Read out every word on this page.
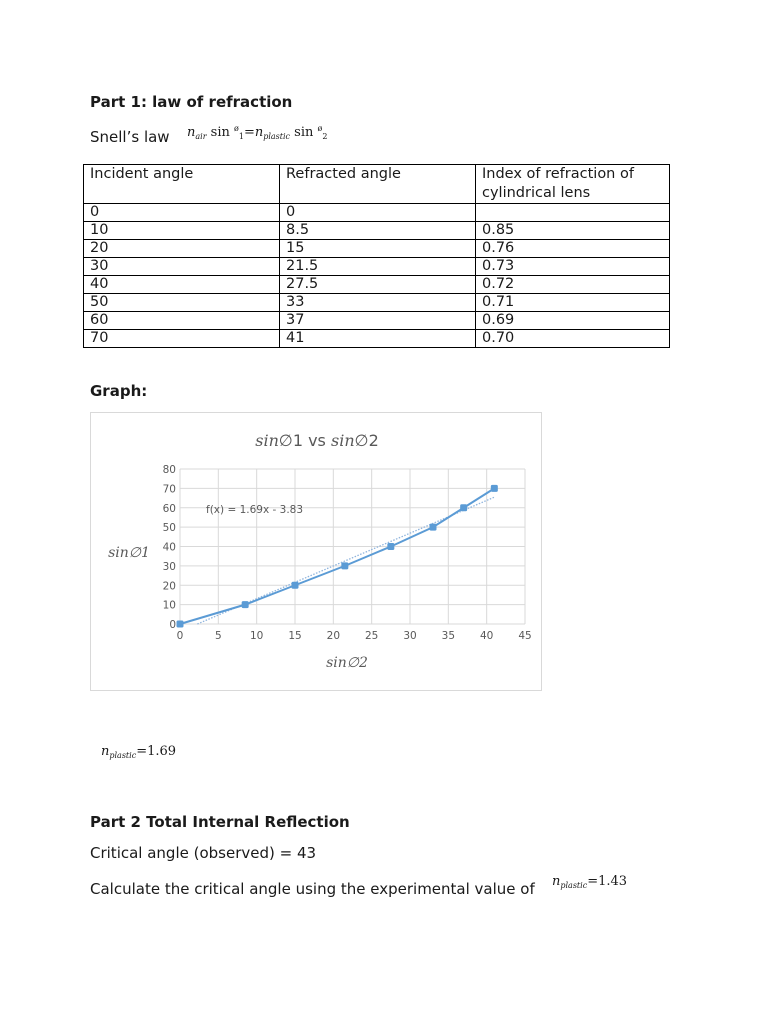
Part 1: law of refraction
Snell’s law $n_{air}$ $\sin ^ø_1=n_{plastic}$ sin $^ø_2$
Incident angle	Refracted angle	Index of refraction of cylindrical lens
0	0	
10	8.5	0.85
20	15	0.76
30	21.5	0.73
40	27.5	0.72
50	33	0.71
60	37	0.69
70	41	0.70
Graph:
sin∅1 vs sin∅2
sin∅1
sin∅2
0
10
20
30
40
50
60
70
80
0	5	10 15 20 25 30 35 40 45
f(x) = 1.69x - 3.83
$n_{plastic}=1.69$
Part 2 Total Internal Reflection
Critical angle (observed) = 43
Calculate the critical angle using the experimental value of $n_{plastic}=1.43$
